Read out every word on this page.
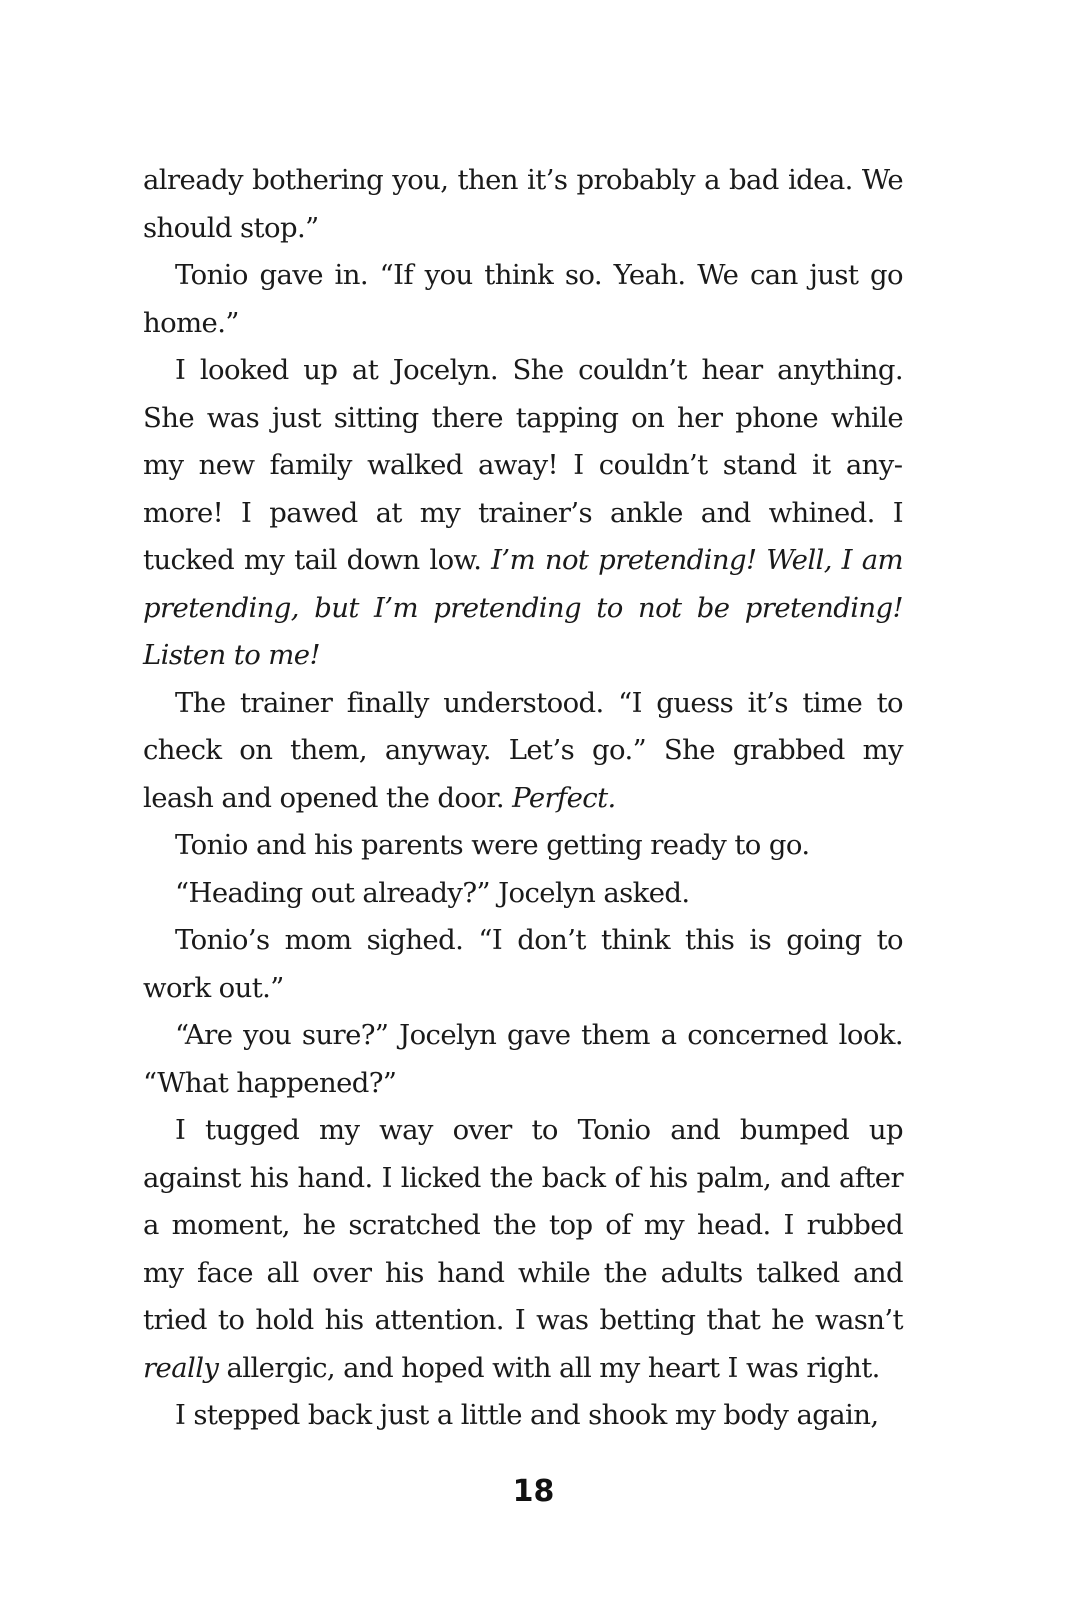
already bothering you, then it’s probably a bad idea. We should stop.”

Tonio gave in. “If you think so. Yeah. We can just go home.”

I looked up at Jocelyn. She couldn’t hear anything. She was just sitting there tapping on her phone while my new family walked away! I couldn’t stand it anymore! I pawed at my trainer’s ankle and whined. I tucked my tail down low. I’m not pretending! Well, I am pretending, but I’m pretending to not be pretending! Listen to me!

The trainer finally understood. “I guess it’s time to check on them, anyway. Let’s go.” She grabbed my leash and opened the door. Perfect.

Tonio and his parents were getting ready to go.

“Heading out already?” Jocelyn asked.

Tonio’s mom sighed. “I don’t think this is going to work out.”

“Are you sure?” Jocelyn gave them a concerned look. “What happened?”

I tugged my way over to Tonio and bumped up against his hand. I licked the back of his palm, and after a moment, he scratched the top of my head. I rubbed my face all over his hand while the adults talked and tried to hold his attention. I was betting that he wasn’t really allergic, and hoped with all my heart I was right.

I stepped back just a little and shook my body again,

18
